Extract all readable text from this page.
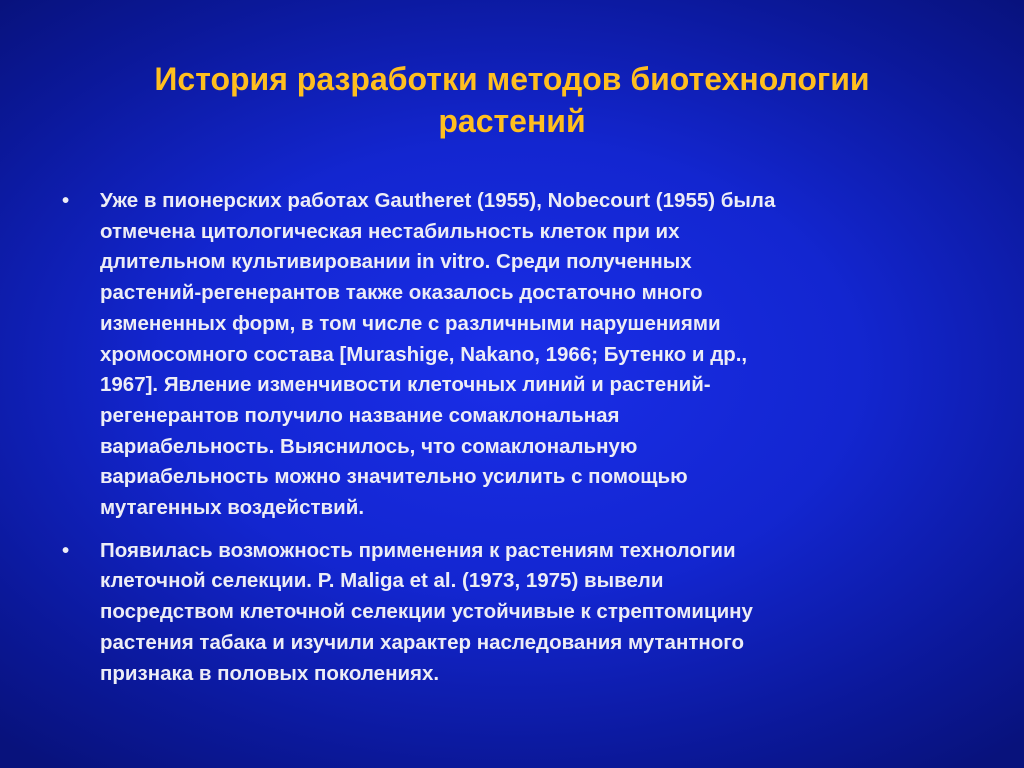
История разработки методов биотехнологии
растений
• Уже в пионерских работах Gautheret (1955), Nobecourt (1955) была
отмечена цитологическая нестабильность клеток при их
длительном культивировании in vitro. Среди полученных
растений-регенерантов также оказалось достаточно много
измененных форм, в том числе с различными нарушениями
хромосомного состава [Murashige, Nakano, 1966; Бутенко и др.,
1967]. Явление изменчивости клеточных линий и растений-
регенерантов получило название сомаклональная
вариабельность. Выяснилось, что сомаклональную
вариабельность можно значительно усилить с помощью
мутагенных воздействий.
• Появилась возможность применения к растениям технологии
клеточной селекции. P. Maliga et al. (1973, 1975) вывели
посредством клеточной селекции устойчивые к стрептомицину
растения табака и изучили характер наследования мутантного
признака в половых поколениях.
